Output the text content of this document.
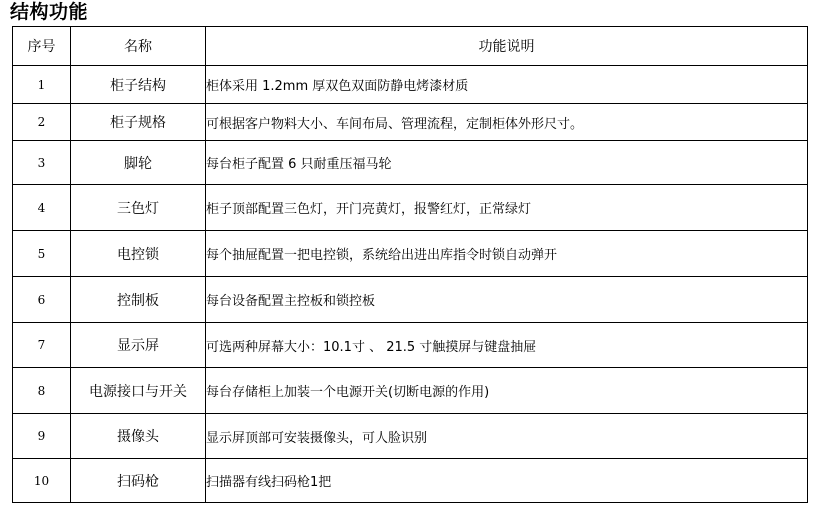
结构功能
序号	名称	功能说明
1	柜子结构	柜体采用 1.2mm 厚双色双面防静电烤漆材质
2	柜子规格	可根据客户物料大小、车间布局、管理流程，定制柜体外形尺寸。
3	脚轮	每台柜子配置 6 只耐重压福马轮
4	三色灯	柜子顶部配置三色灯，开门亮黄灯，报警红灯，正常绿灯
5	电控锁	每个抽屉配置一把电控锁，系统给出进出库指令时锁自动弹开
6	控制板	每台设备配置主控板和锁控板
7	显示屏	可选两种屏幕大小：10.1寸 、 21.5 寸触摸屏与键盘抽屉
8	电源接口与开关	每台存储柜上加装一个电源开关(切断电源的作用)
9	摄像头	显示屏顶部可安装摄像头，可人脸识别
10	扫码枪	扫描器有线扫码枪1把
